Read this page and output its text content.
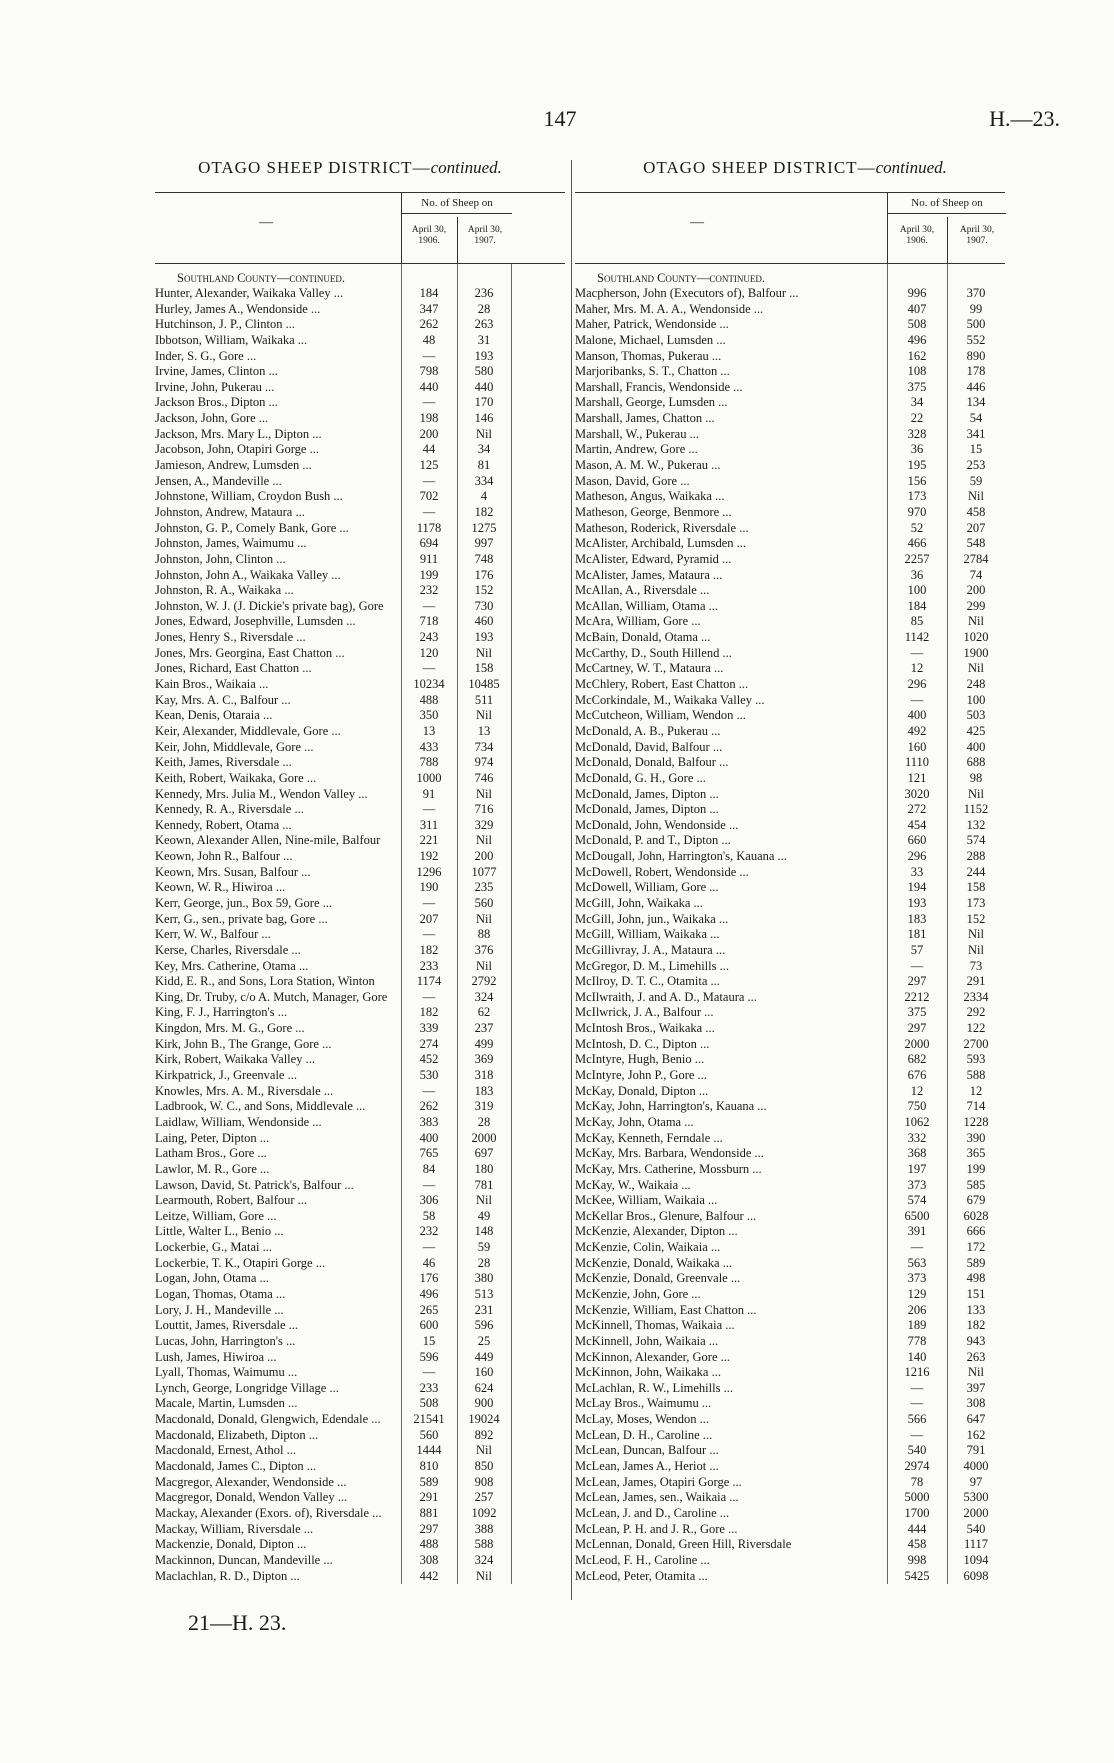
147	H.—23.
OTAGO SHEEP DISTRICT—continued.	OTAGO SHEEP DISTRICT—continued.
—
No. of Sheep on
April 30, 1906.
April 30, 1907.
Southland County—continued.
Hunter, Alexander, Waikaka Valley ...	184	236
Hurley, James A., Wendonside ...	347	28
Hutchinson, J. P., Clinton ...	262	263
Ibbotson, William, Waikaka ...	48	31
Inder, S. G., Gore ...	—	193
Irvine, James, Clinton ...	798	580
Irvine, John, Pukerau ...	440	440
Jackson Bros., Dipton ...	—	170
Jackson, John, Gore ...	198	146
Jackson, Mrs. Mary L., Dipton ...	200	Nil
Jacobson, John, Otapiri Gorge ...	44	34
Jamieson, Andrew, Lumsden ...	125	81
Jensen, A., Mandeville ...	—	334
Johnstone, William, Croydon Bush ...	702	4
Johnston, Andrew, Mataura ...	—	182
Johnston, G. P., Comely Bank, Gore ...	1178	1275
Johnston, James, Waimumu ...	694	997
Johnston, John, Clinton ...	911	748
Johnston, John A., Waikaka Valley ...	199	176
Johnston, R. A., Waikaka ...	232	152
Johnston, W. J. (J. Dickie's private bag), Gore	—	730
Jones, Edward, Josephville, Lumsden ...	718	460
Jones, Henry S., Riversdale ...	243	193
Jones, Mrs. Georgina, East Chatton ...	120	Nil
Jones, Richard, East Chatton ...	—	158
Kain Bros., Waikaia ...	10234	10485
Kay, Mrs. A. C., Balfour ...	488	511
Kean, Denis, Otaraia ...	350	Nil
Keir, Alexander, Middlevale, Gore ...	13	13
Keir, John, Middlevale, Gore ...	433	734
Keith, James, Riversdale ...	788	974
Keith, Robert, Waikaka, Gore ...	1000	746
Kennedy, Mrs. Julia M., Wendon Valley ...	91	Nil
Kennedy, R. A., Riversdale ...	—	716
Kennedy, Robert, Otama ...	311	329
Keown, Alexander Allen, Nine-mile, Balfour	221	Nil
Keown, John R., Balfour ...	192	200
Keown, Mrs. Susan, Balfour ...	1296	1077
Keown, W. R., Hiwiroa ...	190	235
Kerr, George, jun., Box 59, Gore ...	—	560
Kerr, G., sen., private bag, Gore ...	207	Nil
Kerr, W. W., Balfour ...	—	88
Kerse, Charles, Riversdale ...	182	376
Key, Mrs. Catherine, Otama ...	233	Nil
Kidd, E. R., and Sons, Lora Station, Winton	1174	2792
King, Dr. Truby, c/o A. Mutch, Manager, Gore	—	324
King, F. J., Harrington's ...	182	62
Kingdon, Mrs. M. G., Gore ...	339	237
Kirk, John B., The Grange, Gore ...	274	499
Kirk, Robert, Waikaka Valley ...	452	369
Kirkpatrick, J., Greenvale ...	530	318
Knowles, Mrs. A. M., Riversdale ...	—	183
Ladbrook, W. C., and Sons, Middlevale ...	262	319
Laidlaw, William, Wendonside ...	383	28
Laing, Peter, Dipton ...	400	2000
Latham Bros., Gore ...	765	697
Lawlor, M. R., Gore ...	84	180
Lawson, David, St. Patrick's, Balfour ...	—	781
Learmouth, Robert, Balfour ...	306	Nil
Leitze, William, Gore ...	58	49
Little, Walter L., Benio ...	232	148
Lockerbie, G., Matai ...	—	59
Lockerbie, T. K., Otapiri Gorge ...	46	28
Logan, John, Otama ...	176	380
Logan, Thomas, Otama ...	496	513
Lory, J. H., Mandeville ...	265	231
Louttit, James, Riversdale ...	600	596
Lucas, John, Harrington's ...	15	25
Lush, James, Hiwiroa ...	596	449
Lyall, Thomas, Waimumu ...	—	160
Lynch, George, Longridge Village ...	233	624
Macale, Martin, Lumsden ...	508	900
Macdonald, Donald, Glengwich, Edendale ...	21541	19024
Macdonald, Elizabeth, Dipton ...	560	892
Macdonald, Ernest, Athol ...	1444	Nil
Macdonald, James C., Dipton ...	810	850
Macgregor, Alexander, Wendonside ...	589	908
Macgregor, Donald, Wendon Valley ...	291	257
Mackay, Alexander (Exors. of), Riversdale ...	881	1092
Mackay, William, Riversdale ...	297	388
Mackenzie, Donald, Dipton ...	488	588
Mackinnon, Duncan, Mandeville ...	308	324
Maclachlan, R. D., Dipton ...	442	Nil
—
No. of Sheep on
April 30, 1906.
April 30, 1907.
Southland County—continued.
Macpherson, John (Executors of), Balfour ...	996	370
Maher, Mrs. M. A. A., Wendonside ...	407	99
Maher, Patrick, Wendonside ...	508	500
Malone, Michael, Lumsden ...	496	552
Manson, Thomas, Pukerau ...	162	890
Marjoribanks, S. T., Chatton ...	108	178
Marshall, Francis, Wendonside ...	375	446
Marshall, George, Lumsden ...	34	134
Marshall, James, Chatton ...	22	54
Marshall, W., Pukerau ...	328	341
Martin, Andrew, Gore ...	36	15
Mason, A. M. W., Pukerau ...	195	253
Mason, David, Gore ...	156	59
Matheson, Angus, Waikaka ...	173	Nil
Matheson, George, Benmore ...	970	458
Matheson, Roderick, Riversdale ...	52	207
McAlister, Archibald, Lumsden ...	466	548
McAlister, Edward, Pyramid ...	2257	2784
McAlister, James, Mataura ...	36	74
McAllan, A., Riversdale ...	100	200
McAllan, William, Otama ...	184	299
McAra, William, Gore ...	85	Nil
McBain, Donald, Otama ...	1142	1020
McCarthy, D., South Hillend ...	—	1900
McCartney, W. T., Mataura ...	12	Nil
McChlery, Robert, East Chatton ...	296	248
McCorkindale, M., Waikaka Valley ...	—	100
McCutcheon, William, Wendon ...	400	503
McDonald, A. B., Pukerau ...	492	425
McDonald, David, Balfour ...	160	400
McDonald, Donald, Balfour ...	1110	688
McDonald, G. H., Gore ...	121	98
McDonald, James, Dipton ...	3020	Nil
McDonald, James, Dipton ...	272	1152
McDonald, John, Wendonside ...	454	132
McDonald, P. and T., Dipton ...	660	574
McDougall, John, Harrington's, Kauana ...	296	288
McDowell, Robert, Wendonside ...	33	244
McDowell, William, Gore ...	194	158
McGill, John, Waikaka ...	193	173
McGill, John, jun., Waikaka ...	183	152
McGill, William, Waikaka ...	181	Nil
McGillivray, J. A., Mataura ...	57	Nil
McGregor, D. M., Limehills ...	—	73
McIlroy, D. T. C., Otamita ...	297	291
McIlwraith, J. and A. D., Mataura ...	2212	2334
McIlwrick, J. A., Balfour ...	375	292
McIntosh Bros., Waikaka ...	297	122
McIntosh, D. C., Dipton ...	2000	2700
McIntyre, Hugh, Benio ...	682	593
McIntyre, John P., Gore ...	676	588
McKay, Donald, Dipton ...	12	12
McKay, John, Harrington's, Kauana ...	750	714
McKay, John, Otama ...	1062	1228
McKay, Kenneth, Ferndale ...	332	390
McKay, Mrs. Barbara, Wendonside ...	368	365
McKay, Mrs. Catherine, Mossburn ...	197	199
McKay, W., Waikaia ...	373	585
McKee, William, Waikaia ...	574	679
McKellar Bros., Glenure, Balfour ...	6500	6028
McKenzie, Alexander, Dipton ...	391	666
McKenzie, Colin, Waikaia ...	—	172
McKenzie, Donald, Waikaka ...	563	589
McKenzie, Donald, Greenvale ...	373	498
McKenzie, John, Gore ...	129	151
McKenzie, William, East Chatton ...	206	133
McKinnell, Thomas, Waikaia ...	189	182
McKinnell, John, Waikaia ...	778	943
McKinnon, Alexander, Gore ...	140	263
McKinnon, John, Waikaka ...	1216	Nil
McLachlan, R. W., Limehills ...	—	397
McLay Bros., Waimumu ...	—	308
McLay, Moses, Wendon ...	566	647
McLean, D. H., Caroline ...	—	162
McLean, Duncan, Balfour ...	540	791
McLean, James A., Heriot ...	2974	4000
McLean, James, Otapiri Gorge ...	78	97
McLean, James, sen., Waikaia ...	5000	5300
McLean, J. and D., Caroline ...	1700	2000
McLean, P. H. and J. R., Gore ...	444	540
McLennan, Donald, Green Hill, Riversdale	458	1117
McLeod, F. H., Caroline ...	998	1094
McLeod, Peter, Otamita ...	5425	6098
21—H. 23.
